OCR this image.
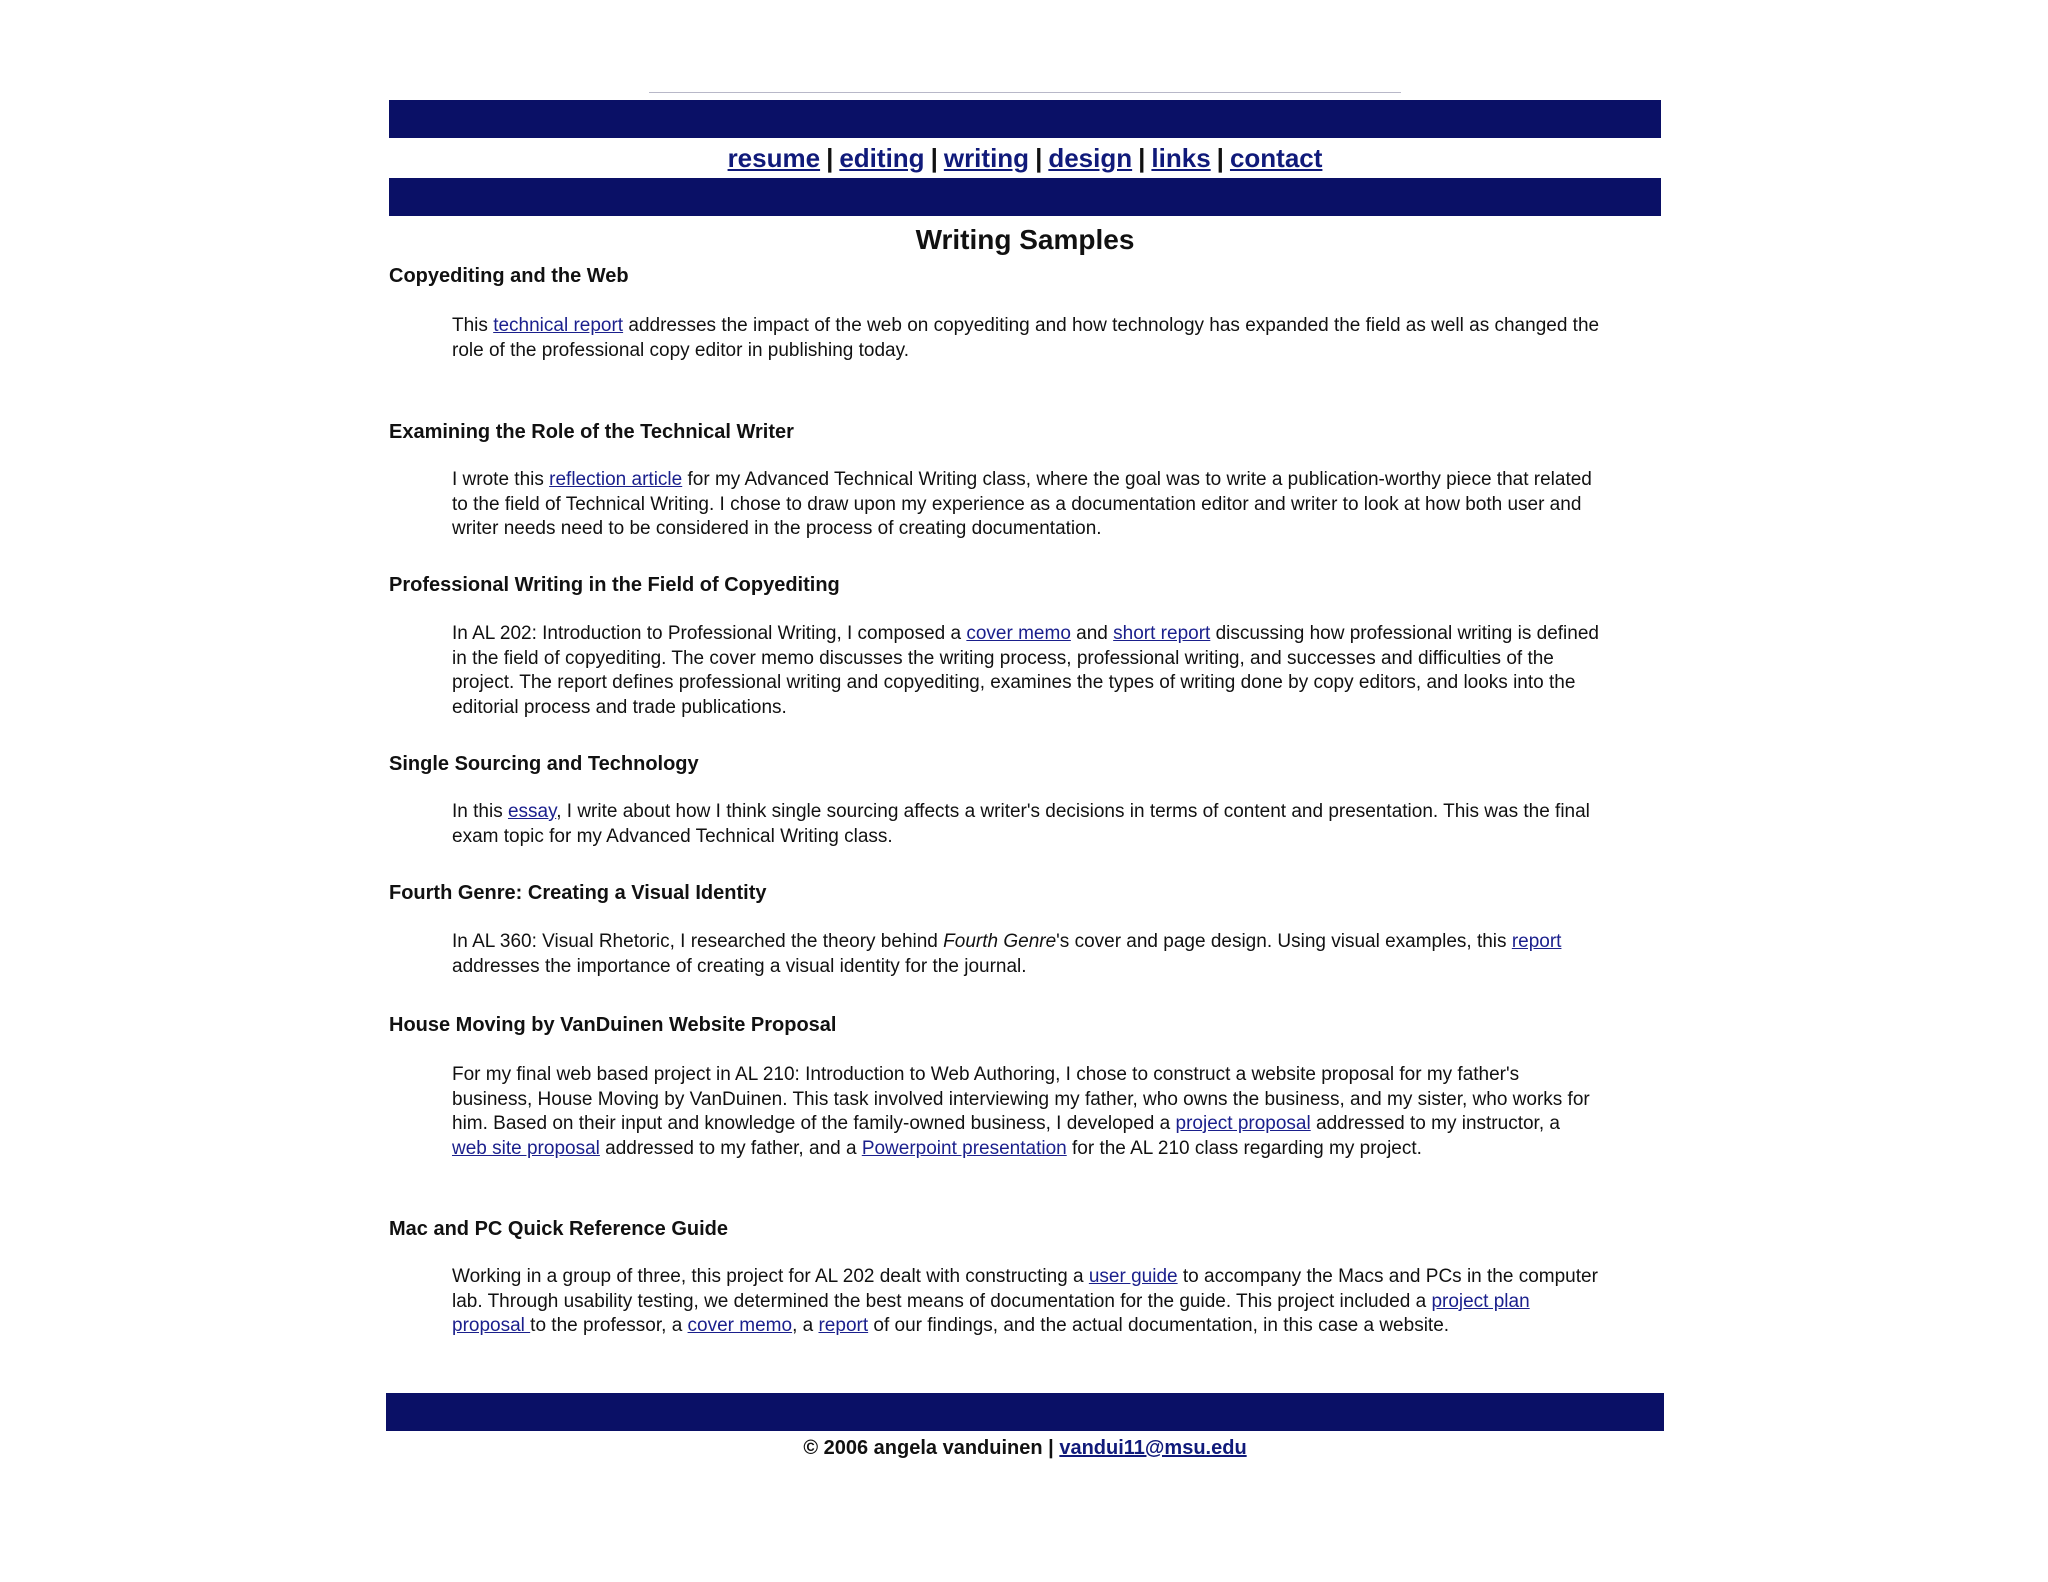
resume | editing | writing | design | links | contact
Writing Samples
Copyediting and the Web
This technical report addresses the impact of the web on copyediting and how technology has expanded the field as well as changed the role of the professional copy editor in publishing today.
Examining the Role of the Technical Writer
I wrote this reflection article for my Advanced Technical Writing class, where the goal was to write a publication-worthy piece that related to the field of Technical Writing. I chose to draw upon my experience as a documentation editor and writer to look at how both user and writer needs need to be considered in the process of creating documentation.
Professional Writing in the Field of Copyediting
In AL 202: Introduction to Professional Writing, I composed a cover memo and short report discussing how professional writing is defined in the field of copyediting. The cover memo discusses the writing process, professional writing, and successes and difficulties of the project. The report defines professional writing and copyediting, examines the types of writing done by copy editors, and looks into the editorial process and trade publications.
Single Sourcing and Technology
In this essay, I write about how I think single sourcing affects a writer's decisions in terms of content and presentation. This was the final exam topic for my Advanced Technical Writing class.
Fourth Genre: Creating a Visual Identity
In AL 360: Visual Rhetoric, I researched the theory behind Fourth Genre's cover and page design. Using visual examples, this report addresses the importance of creating a visual identity for the journal.
House Moving by VanDuinen Website Proposal
For my final web based project in AL 210: Introduction to Web Authoring, I chose to construct a website proposal for my father's business, House Moving by VanDuinen. This task involved interviewing my father, who owns the business, and my sister, who works for him. Based on their input and knowledge of the family-owned business, I developed a project proposal addressed to my instructor, a web site proposal addressed to my father, and a Powerpoint presentation for the AL 210 class regarding my project.
Mac and PC Quick Reference Guide
Working in a group of three, this project for AL 202 dealt with constructing a user guide to accompany the Macs and PCs in the computer lab. Through usability testing, we determined the best means of documentation for the guide. This project included a project plan proposal to the professor, a cover memo, a report of our findings, and the actual documentation, in this case a website.
© 2006 angela vanduinen | vandui11@msu.edu
